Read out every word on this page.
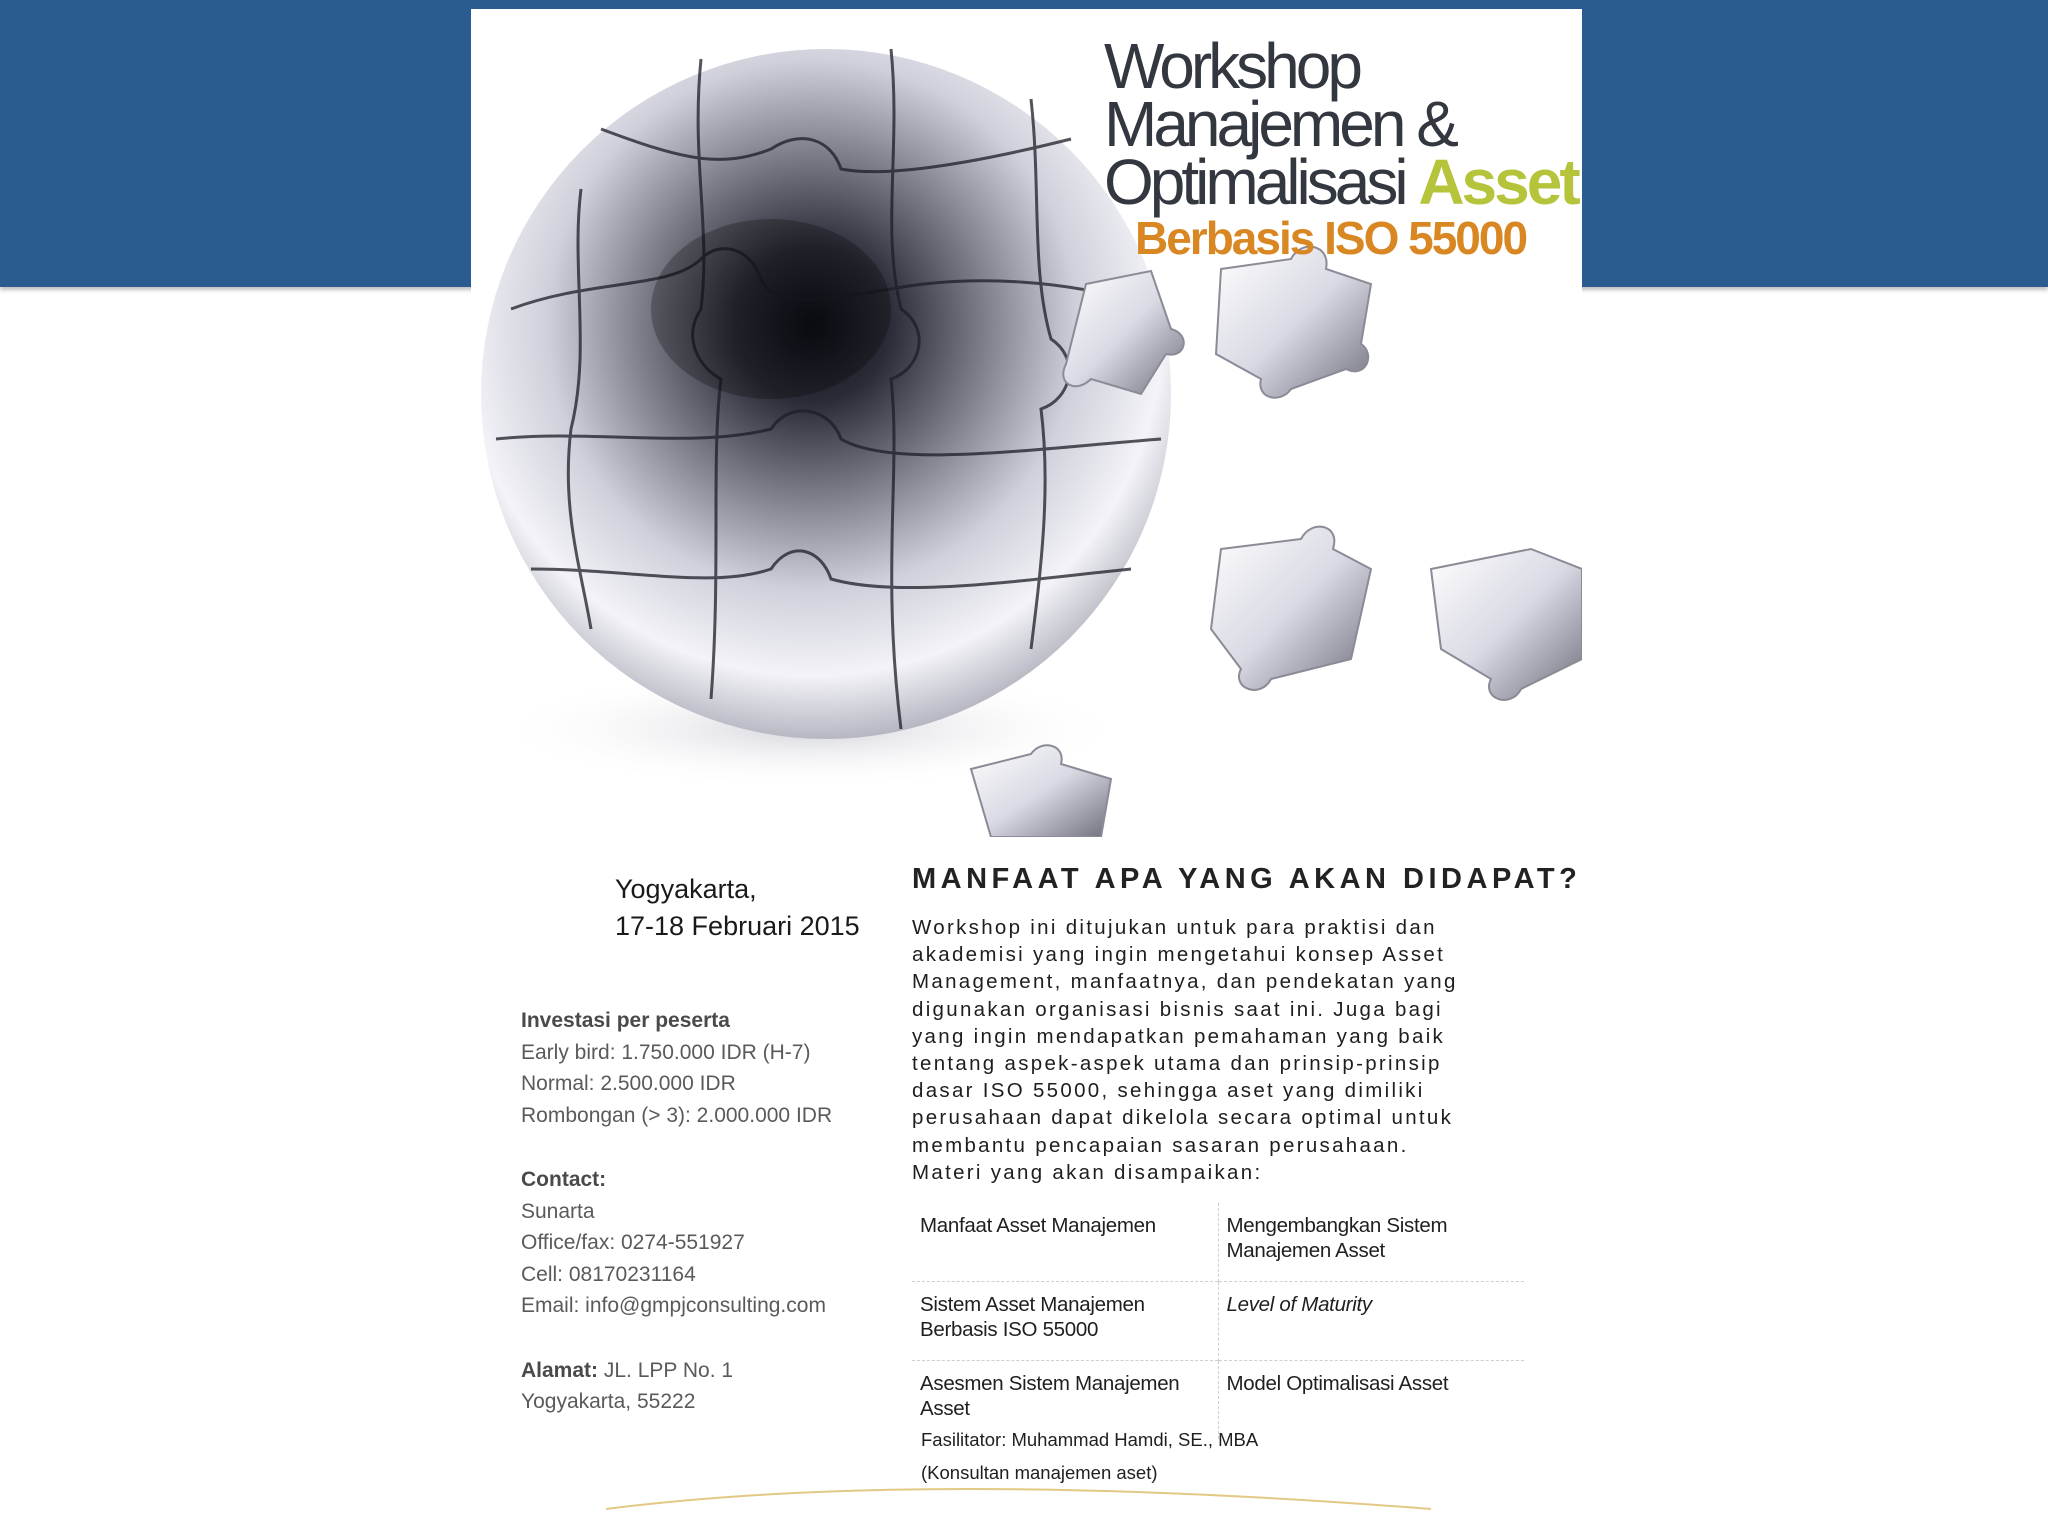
Workshop
Manajemen &
Optimalisasi Asset
Berbasis ISO 55000
Yogyakarta,
17-18 Februari 2015
Investasi per peserta
Early bird: 1.750.000 IDR (H-7)
Normal: 2.500.000 IDR
Rombongan (> 3): 2.000.000 IDR
Contact:
Sunarta
Office/fax: 0274-551927
Cell: 08170231164
Email: info@gmpjconsulting.com
Alamat: JL. LPP No. 1
Yogyakarta, 55222
MANFAAT APA YANG AKAN DIDAPAT?
Workshop ini ditujukan untuk para praktisi dan
akademisi yang ingin mengetahui konsep Asset
Management, manfaatnya, dan pendekatan yang
digunakan organisasi bisnis saat ini. Juga bagi
yang ingin mendapatkan pemahaman yang baik
tentang aspek-aspek utama dan prinsip-prinsip
dasar ISO 55000, sehingga aset yang dimiliki
perusahaan dapat dikelola secara optimal untuk
membantu pencapaian sasaran perusahaan.
Materi yang akan disampaikan:
Manfaat Asset Manajemen	Mengembangkan Sistem Manajemen Asset
Sistem Asset Manajemen Berbasis ISO 55000	Level of Maturity
Asesmen Sistem Manajemen Asset	Model Optimalisasi Asset
Fasilitator: Muhammad Hamdi, SE., MBA
(Konsultan manajemen aset)
